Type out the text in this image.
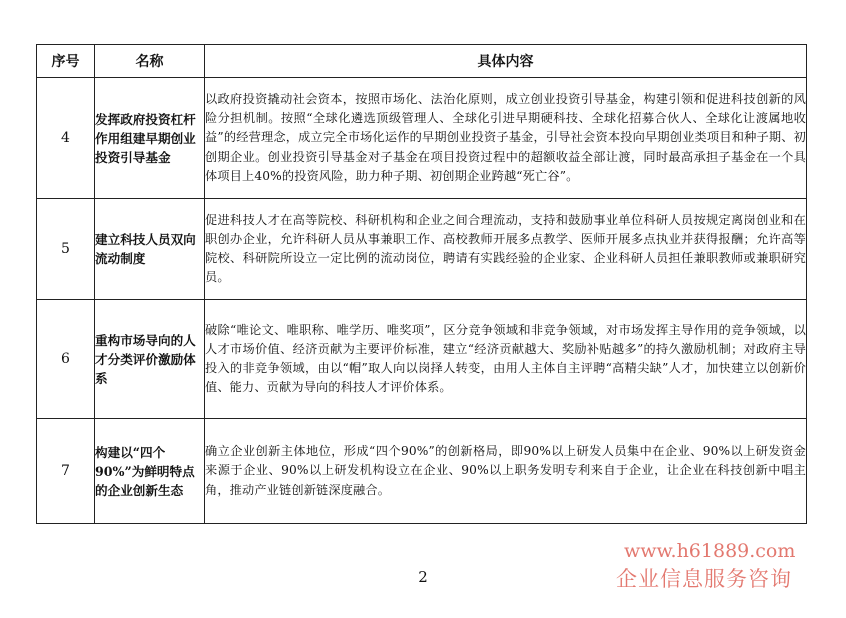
序号	名称	具体内容
4	发挥政府投资杠杆作用组建早期创业投资引导基金	以政府投资撬动社会资本，按照市场化、法治化原则，成立创业投资引导基金，构建引领和促进科技创新的风险分担机制。按照“全球化遴选顶级管理人、全球化引进早期硬科技、全球化招募合伙人、全球化让渡属地收益”的经营理念，成立完全市场化运作的早期创业投资子基金，引导社会资本投向早期创业类项目和种子期、初创期企业。创业投资引导基金对子基金在项目投资过程中的超额收益全部让渡，同时最高承担子基金在一个具体项目上40%的投资风险，助力种子期、初创期企业跨越“死亡谷”。
5	建立科技人员双向流动制度	促进科技人才在高等院校、科研机构和企业之间合理流动，支持和鼓励事业单位科研人员按规定离岗创业和在职创办企业，允许科研人员从事兼职工作、高校教师开展多点教学、医师开展多点执业并获得报酬；允许高等院校、科研院所设立一定比例的流动岗位，聘请有实践经验的企业家、企业科研人员担任兼职教师或兼职研究员。
6	重构市场导向的人才分类评价激励体系	破除“唯论文、唯职称、唯学历、唯奖项”，区分竞争领域和非竞争领域，对市场发挥主导作用的竞争领域，以人才市场价值、经济贡献为主要评价标准，建立“经济贡献越大、奖励补贴越多”的持久激励机制；对政府主导投入的非竞争领域，由以“帽”取人向以岗择人转变，由用人主体自主评聘“高精尖缺”人才，加快建立以创新价值、能力、贡献为导向的科技人才评价体系。
7	构建以“四个90%”为鲜明特点的企业创新生态	确立企业创新主体地位，形成“四个90%”的创新格局，即90%以上研发人员集中在企业、90%以上研发资金来源于企业、90%以上研发机构设立在企业、90%以上职务发明专利来自于企业，让企业在科技创新中唱主角，推动产业链创新链深度融合。
2
www.h61889.com
企业信息服务咨询
